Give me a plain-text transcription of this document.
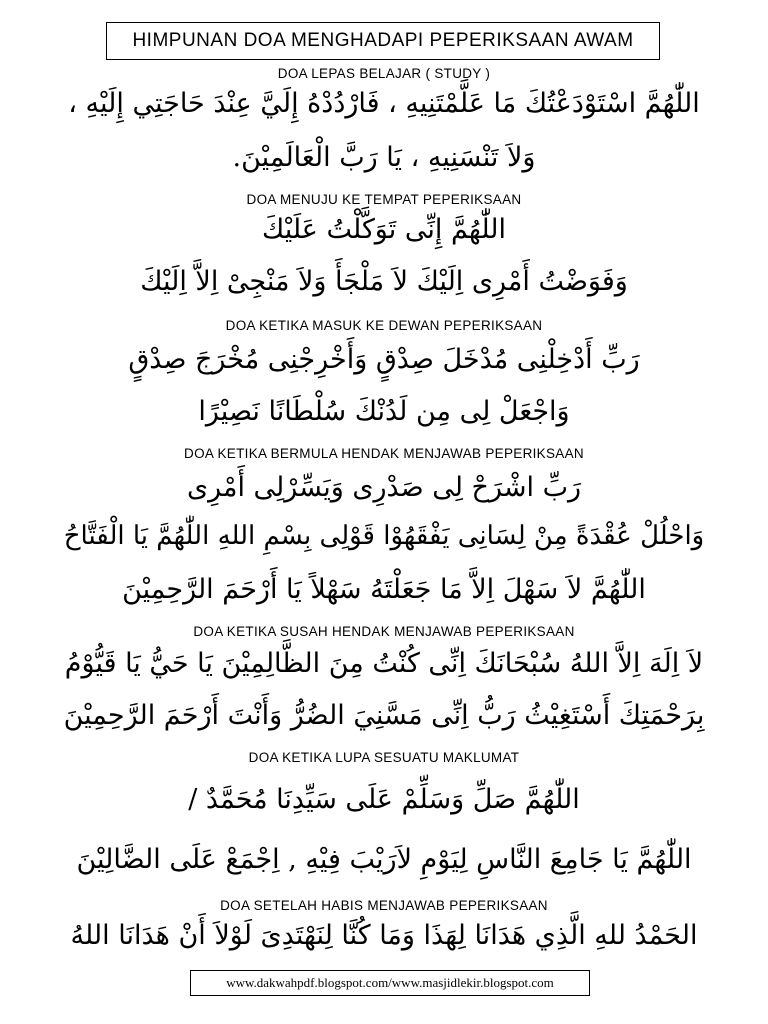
HIMPUNAN DOA MENGHADAPI PEPERIKSAAN AWAM
DOA LEPAS BELAJAR ( STUDY )
اللّٰهُمَّ اسْتَوْدَعْتُكَ مَا عَلَّمْتَنِيهِ ، فَارْدُدْهُ إِلَيَّ عِنْدَ حَاجَتِي إِلَيْهِ ،
وَلاَ تَنْسَنِيهِ ، يَا رَبَّ الْعَالَمِيْنَ.
DOA MENUJU KE TEMPAT PEPERIKSAAN
اللّٰهُمَّ إِنِّى تَوَكَّلْتُ عَلَيْكَ
وَفَوَضْتُ أَمْرِى اِلَيْكَ لاَ مَلْجَأَ وَلاَ مَنْجِىْ اِلاَّ اِلَيْكَ
DOA KETIKA MASUK KE DEWAN PEPERIKSAAN
رَبِّ أَدْخِلْنِى مُدْخَلَ صِدْقٍ وَأَخْرِجْنِى مُخْرَجَ صِدْقٍ
وَاجْعَلْ لِى مِن لَدُنْكَ سُلْطَانًا نَصِيْرًا
DOA KETIKA BERMULA HENDAK MENJAWAB PEPERIKSAAN
رَبِّ اشْرَحْ لِى صَدْرِى وَيَسِّرْلِى أَمْرِى
وَاحْلُلْ عُقْدَةً مِنْ لِسَانِى يَفْقَهُوْا قَوْلِى بِسْمِ اللهِ اللّٰهُمَّ يَا الْفَتَّاحُ
اللّٰهُمَّ لاَ سَهْلَ اِلاَّ مَا جَعَلْتَهُ سَهْلاً يَا أَرْحَمَ الرَّحِمِيْنَ
DOA KETIKA SUSAH HENDAK MENJAWAB PEPERIKSAAN
لاَ اِلَهَ اِلاَّ اللهُ سُبْحَانَكَ اِنِّى كُنْتُ مِنَ الظَّالِمِيْنَ يَا حَيُّ يَا قَيُّوْمُ
بِرَحْمَتِكَ أَسْتَغِيْثُ رَبُّ اِنِّى مَسَّنِيَ الضُرُّ وَأَنْتَ أَرْحَمَ الرَّحِمِيْنَ
DOA KETIKA LUPA SESUATU MAKLUMAT
اللّٰهُمَّ صَلِّ وَسَلِّمْ عَلَى سَيِّدِنَا مُحَمَّدٌ /
اللّٰهُمَّ يَا جَامِعَ النَّاسِ لِيَوْمِ لاَرَيْبَ فِيْهِ , اِجْمَعْ عَلَى الضَّالِيْنَ
DOA SETELAH HABIS MENJAWAB PEPERIKSAAN
الحَمْدُ للهِ الَّذِي هَدَانَا لِهَذَا وَمَا كُنَّا لِنَهْتَدِىَ لَوْلاَ أَنْ هَدَانَا اللهُ
www.dakwahpdf.blogspot.com/www.masjidlekir.blogspot.com
